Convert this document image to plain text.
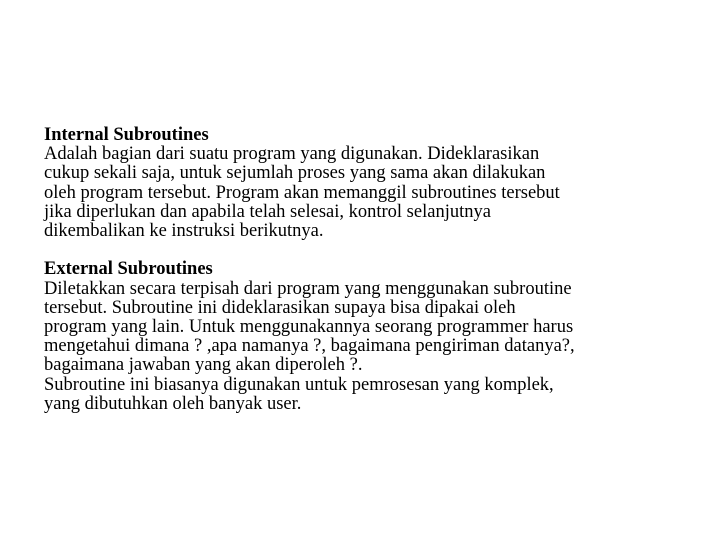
Internal Subroutines
Adalah bagian dari suatu program yang digunakan. Dideklarasikan
cukup sekali saja, untuk sejumlah proses yang sama akan dilakukan
oleh program tersebut. Program akan memanggil subroutines tersebut
jika diperlukan dan apabila telah selesai, kontrol selanjutnya
dikembalikan ke instruksi berikutnya.
External Subroutines
Diletakkan secara terpisah dari program yang menggunakan subroutine
tersebut. Subroutine ini dideklarasikan supaya bisa dipakai oleh
program yang lain. Untuk menggunakannya seorang programmer harus
mengetahui dimana ? ,apa namanya ?, bagaimana pengiriman datanya?,
bagaimana jawaban yang akan diperoleh ?.
Subroutine ini biasanya digunakan untuk pemrosesan yang komplek,
yang dibutuhkan oleh banyak user.
